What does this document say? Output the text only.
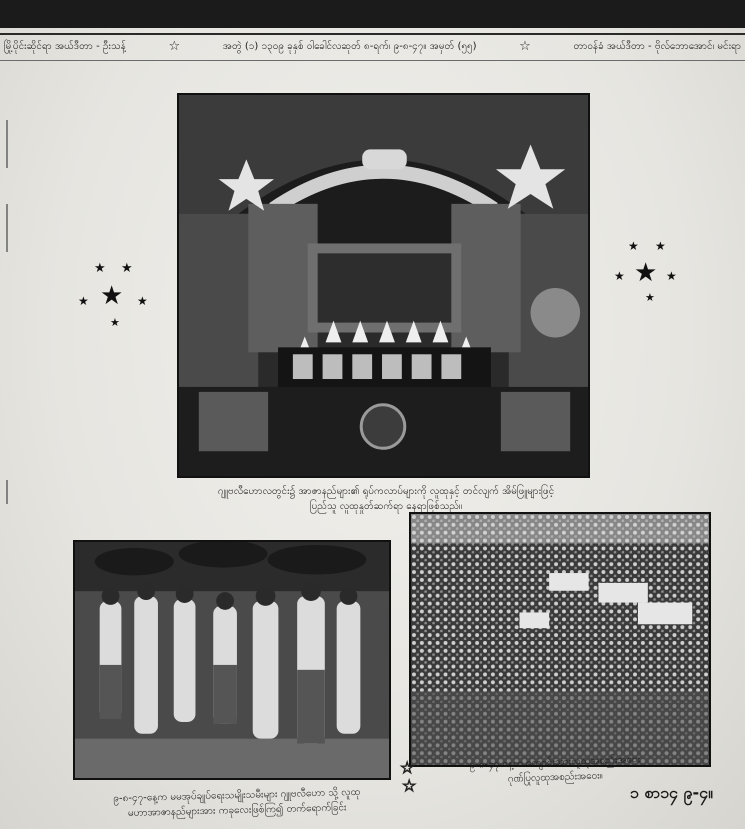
မြို့ပိုင်းဆိုင်ရာ အယ်ဒီတာ - ဦးသန့်	☆	အတွဲ (၁) ၁၃၀၉ ခုနှစ် ဝါခေါင်လဆုတ် ၈-ရက်၊ ၉-၈-၄၇။ အမှတ် (၅၅)	☆	တာဝန်ခံ အယ်ဒီတာ - ဗိုလ်ဘောအောင်၊ မင်းရာ
ဂျူဗလီဟောလတွင်း၌ အာဇာနည်များ၏ ရုပ်ကလာပ်များကို လူထုနှင့် တင်လျက် အိမ်ဖြူများဖြင့်
ပြည်သူ လူထုနှုတ်ဆက်ရာ နေရာဖြစ်သည်။
၉-၈-၄၇-နေ့က မမအုပ်ချုပ်ရေးသမျိုးသမီးများ ဂျူဗလီဟော သို့ လူထု
မဟာအာဇာနည်များအား ကခုလေးဖြစ်ကြ၍ တက်ရောက်ခြင်း
၉-၈-၄၇ နေ့က ကျောင်းသားလူထုအစည်းအဝေး
ဂုဏ်ပြုလူထုအစည်းအဝေး။
★ ★
★
★	★
★
★ ★
★
★	★
★
☆
☆	၁ စာ၁၄ ၉-၄။
